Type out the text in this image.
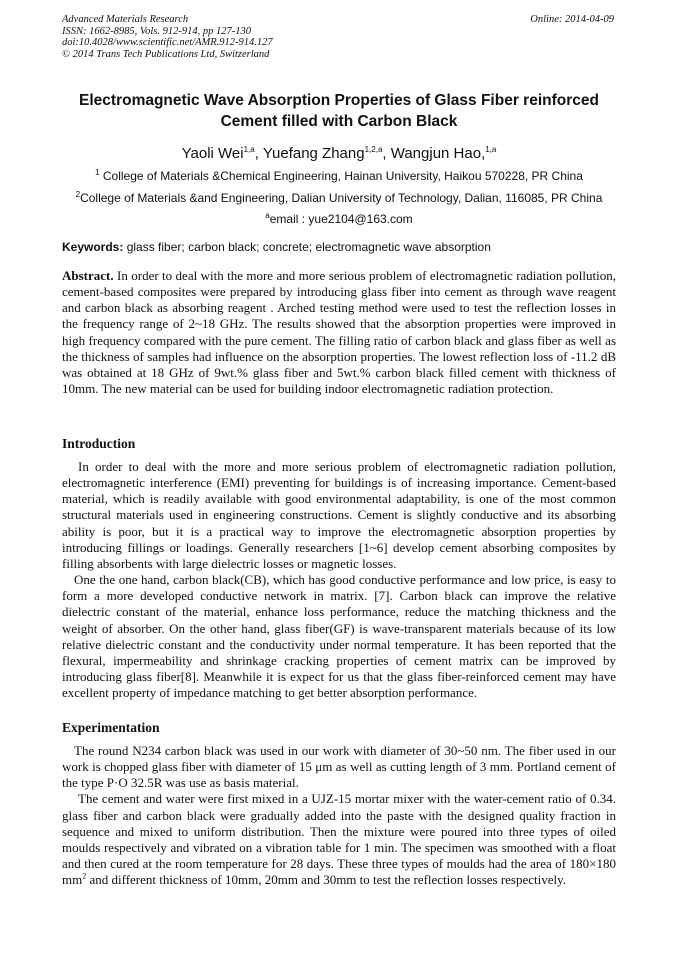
Advanced Materials Research
ISSN: 1662-8985, Vols. 912-914, pp 127-130
doi:10.4028/www.scientific.net/AMR.912-914.127
© 2014 Trans Tech Publications Ltd, Switzerland
Online: 2014-04-09
Electromagnetic Wave Absorption Properties of Glass Fiber reinforced
Cement filled with Carbon Black
Yaoli Wei$^{1,a}$, Yuefang Zhang$^{1,2,a}$, Wangjun Hao,$^{1,a}$
$^1$ College of Materials &Chemical Engineering, Hainan University, Haikou 570228, PR China
$^2$College of Materials &and Engineering, Dalian University of Technology, Dalian, 116085, PR China
$^a$email : yue2104@163.com
Keywords: glass fiber; carbon black; concrete; electromagnetic wave absorption

Abstract. In order to deal with the more and more serious problem of electromagnetic radiation pollution, cement-based composites were prepared by introducing glass fiber into cement as through wave reagent and carbon black as absorbing reagent . Arched testing method were used to test the reflection losses in the frequency range of 2~18 GHz. The results showed that the absorption properties were improved in high frequency compared with the pure cement. The filling ratio of carbon black and glass fiber as well as the thickness of samples had influence on the absorption properties. The lowest reflection loss of -11.2 dB was obtained at 18 GHz of 9wt.% glass fiber and 5wt.% carbon black filled cement with thickness of 10mm. The new material can be used for building indoor electromagnetic radiation protection.

Introduction

In order to deal with the more and more serious problem of electromagnetic radiation pollution, electromagnetic interference (EMI) preventing for buildings is of increasing importance. Cement-based material, which is readily available with good environmental adaptability, is one of the most common structural materials used in engineering constructions. Cement is slightly conductive and its absorbing ability is poor, but it is a practical way to improve the electromagnetic absorption properties by introducing fillings or loadings. Generally researchers [1~6] develop cement absorbing composites by filling absorbents with large dielectric losses or magnetic losses.

One the one hand, carbon black(CB), which has good conductive performance and low price, is easy to form a more developed conductive network in matrix. [7]. Carbon black can improve the relative dielectric constant of the material, enhance loss performance, reduce the matching thickness and the weight of absorber. On the other hand, glass fiber(GF) is wave-transparent materials because of its low relative dielectric constant and the conductivity under normal temperature. It has been reported that the flexural, impermeability and shrinkage cracking properties of cement matrix can be improved by introducing glass fiber[8]. Meanwhile it is expect for us that the glass fiber-reinforced cement may have excellent property of impedance matching to get better absorption performance.

Experimentation

The round N234 carbon black was used in our work with diameter of 30~50 nm. The fiber used in our work is chopped glass fiber with diameter of 15 μm as well as cutting length of 3 mm. Portland cement of the type P·O 32.5R was use as basis material.

The cement and water were first mixed in a UJZ-15 mortar mixer with the water-cement ratio of 0.34. glass fiber and carbon black were gradually added into the paste with the designed quality fraction in sequence and mixed to uniform distribution. Then the mixture were poured into three types of oiled moulds respectively and vibrated on a vibration table for 1 min. The specimen was smoothed with a float and then cured at the room temperature for 28 days. These three types of moulds had the area of 180×180 $mm^2$ and different thickness of 10mm, 20mm and 30mm to test the reflection losses respectively.
